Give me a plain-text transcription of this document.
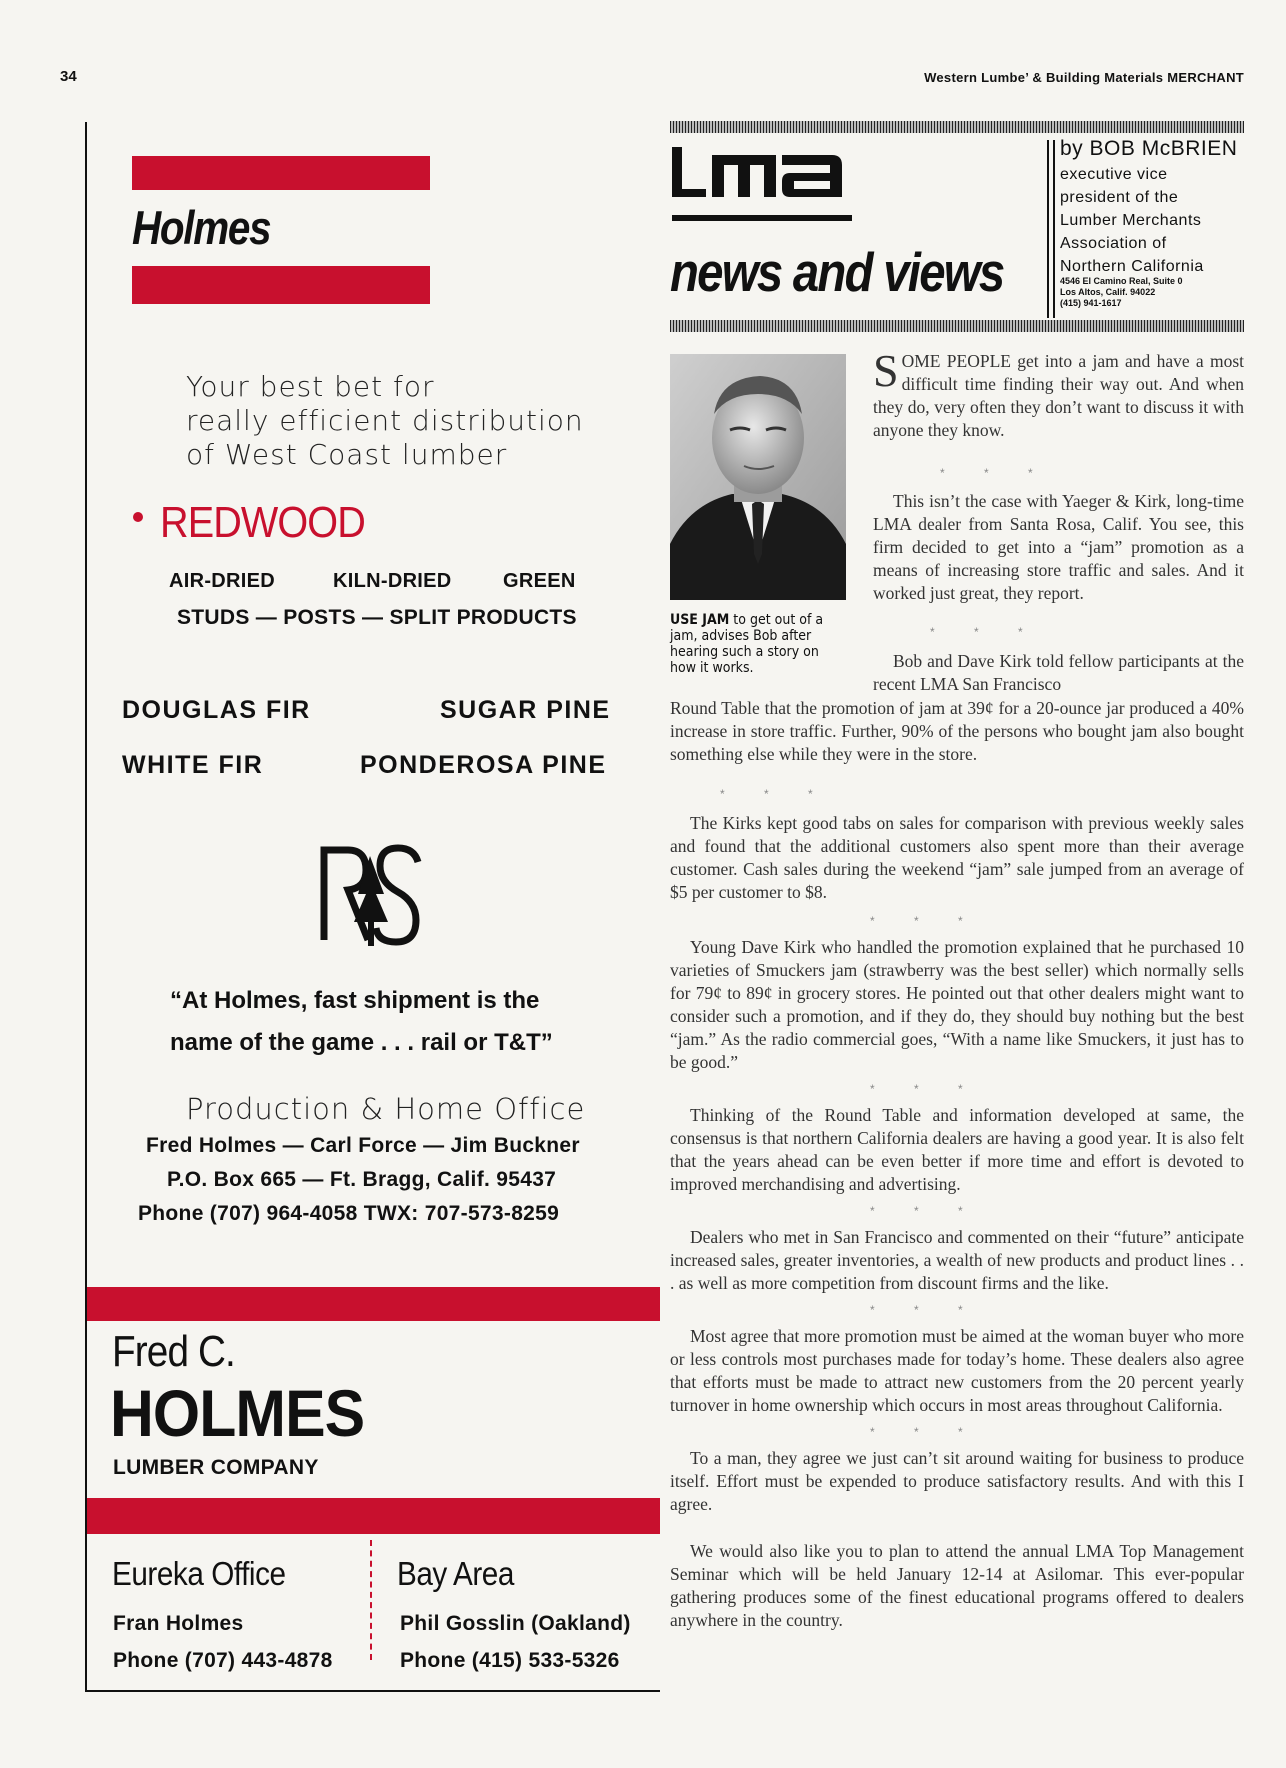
34	Western Lumbe’ & Building Materials MERCHANT
Holmes
Your best bet for
really efficient distribution
of West Coast lumber
REDWOOD
AIR-DRIED	KILN-DRIED	GREEN
STUDS — POSTS — SPLIT PRODUCTS
DOUGLAS FIR	SUGAR PINE
WHITE FIR	PONDEROSA PINE
“At Holmes, fast shipment is the name of the game . . . rail or T&T”
Production & Home Office
Fred Holmes — Carl Force — Jim Buckner
P.O. Box 665 — Ft. Bragg, Calif. 95437
Phone (707) 964-4058 TWX: 707-573-8259
Fred C.
HOLMES
LUMBER COMPANY
Eureka Office
Fran Holmes
Phone (707) 443-4878
Bay Area
Phil Gosslin (Oakland)
Phone (415) 533-5326
news and views
by BOB McBRIEN
executive vice
president of the
Lumber Merchants
Association of
Northern California
4546 El Camino Real, Suite 0
Los Altos, Calif. 94022
(415) 941-1617
USE JAM to get out of a jam, advises Bob after hearing such a story on how it works.

SOME PEOPLE get into a jam and have a most difficult time finding their way out. And when they do, very often they don’t want to discuss it with anyone they know.

* * *

This isn’t the case with Yaeger & Kirk, long-time LMA dealer from Santa Rosa, Calif. You see, this firm decided to get into a “jam” promotion as a means of increasing store traffic and sales. And it worked just great, they report.

* * *

Bob and Dave Kirk told fellow participants at the recent LMA San Francisco

Round Table that the promotion of jam at 39¢ for a 20-ounce jar produced a 40% increase in store traffic. Further, 90% of the persons who bought jam also bought something else while they were in the store.

* * *

The Kirks kept good tabs on sales for comparison with previous weekly sales and found that the additional customers also spent more than their average customer. Cash sales during the weekend “jam” sale jumped from an average of $5 per customer to $8.

* * *

Young Dave Kirk who handled the promotion explained that he purchased 10 varieties of Smuckers jam (strawberry was the best seller) which normally sells for 79¢ to 89¢ in grocery stores. He pointed out that other dealers might want to consider such a promotion, and if they do, they should buy nothing but the best “jam.” As the radio commercial goes, “With a name like Smuckers, it just has to be good.”

* * *

Thinking of the Round Table and information developed at same, the consensus is that northern California dealers are having a good year. It is also felt that the years ahead can be even better if more time and effort is devoted to improved merchandising and advertising.

* * *

Dealers who met in San Francisco and commented on their “future” anticipate increased sales, greater inventories, a wealth of new products and product lines . . . as well as more competition from discount firms and the like.

* * *

Most agree that more promotion must be aimed at the woman buyer who more or less controls most purchases made for today’s home. These dealers also agree that efforts must be made to attract new customers from the 20 percent yearly turnover in home ownership which occurs in most areas throughout California.

* * *

To a man, they agree we just can’t sit around waiting for business to produce itself. Effort must be expended to produce satisfactory results. And with this I agree.

We would also like you to plan to attend the annual LMA Top Management Seminar which will be held January 12-14 at Asilomar. This ever-popular gathering produces some of the finest educational programs offered to dealers anywhere in the country.
